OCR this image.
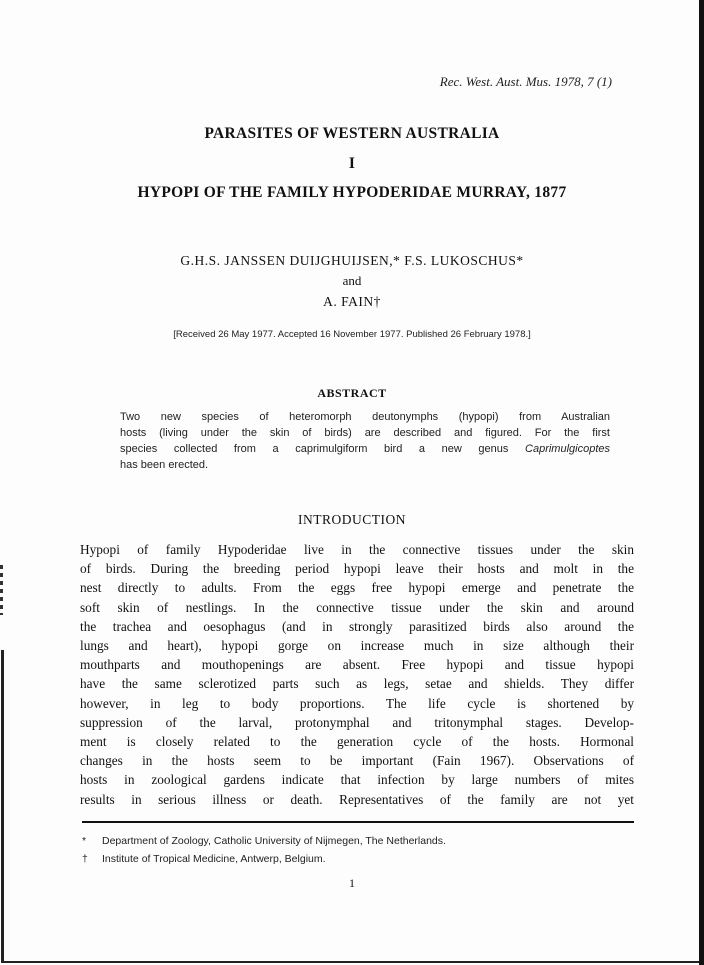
Rec. West. Aust. Mus. 1978, 7 (1)
PARASITES OF WESTERN AUSTRALIA
I
HYPOPI OF THE FAMILY HYPODERIDAE MURRAY, 1877
G.H.S. JANSSEN DUIJGHUIJSEN,* F.S. LUKOSCHUS*
and
A. FAIN†
[Received 26 May 1977. Accepted 16 November 1977. Published 26 February 1978.]
ABSTRACT
Two new species of heteromorph deutonymphs (hypopi) from Australian
hosts (living under the skin of birds) are described and figured. For the first
species collected from a caprimulgiform bird a new genus Caprimulgicoptes
has been erected.
INTRODUCTION
Hypopi of family Hypoderidae live in the connective tissues under the skin
of birds. During the breeding period hypopi leave their hosts and molt in the
nest directly to adults. From the eggs free hypopi emerge and penetrate the
soft skin of nestlings. In the connective tissue under the skin and around
the trachea and oesophagus (and in strongly parasitized birds also around the
lungs and heart), hypopi gorge on increase much in size although their
mouthparts and mouthopenings are absent. Free hypopi and tissue hypopi
have the same sclerotized parts such as legs, setae and shields. They differ
however, in leg to body proportions. The life cycle is shortened by
suppression of the larval, protonymphal and tritonymphal stages. Develop-
ment is closely related to the generation cycle of the hosts. Hormonal
changes in the hosts seem to be important (Fain 1967). Observations of
hosts in zoological gardens indicate that infection by large numbers of mites
results in serious illness or death. Representatives of the family are not yet
* Department of Zoology, Catholic University of Nijmegen, The Netherlands.
† Institute of Tropical Medicine, Antwerp, Belgium.
1
